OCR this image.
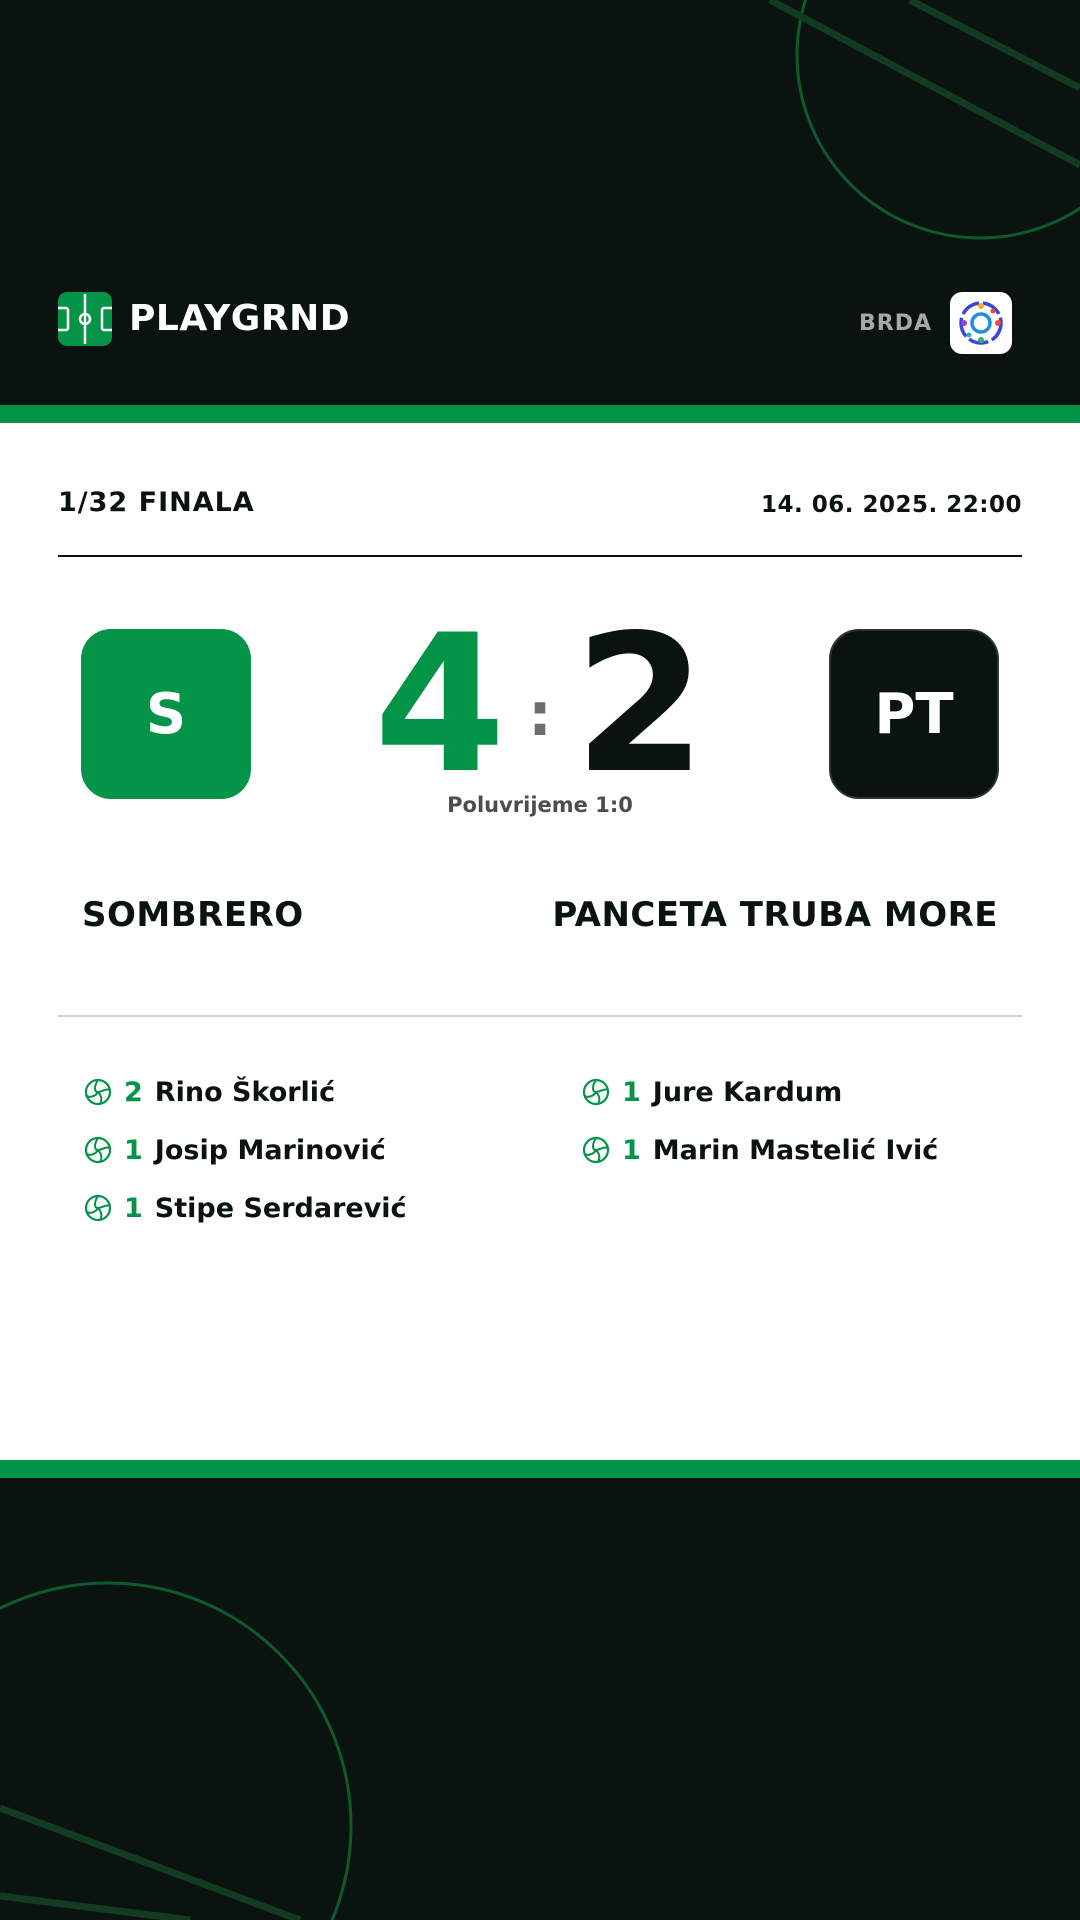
PLAYGRND	BRDA
1/32 FINALA	14. 06. 2025. 22:00
S 4 : 2
Poluvrijeme 1:0
PT
SOMBRERO	PANCETA TRUBA MORE
2 Rino Škorlić
1 Josip Marinović
1 Stipe Serdarević
1 Jure Kardum
1 Marin Mastelić Ivić
